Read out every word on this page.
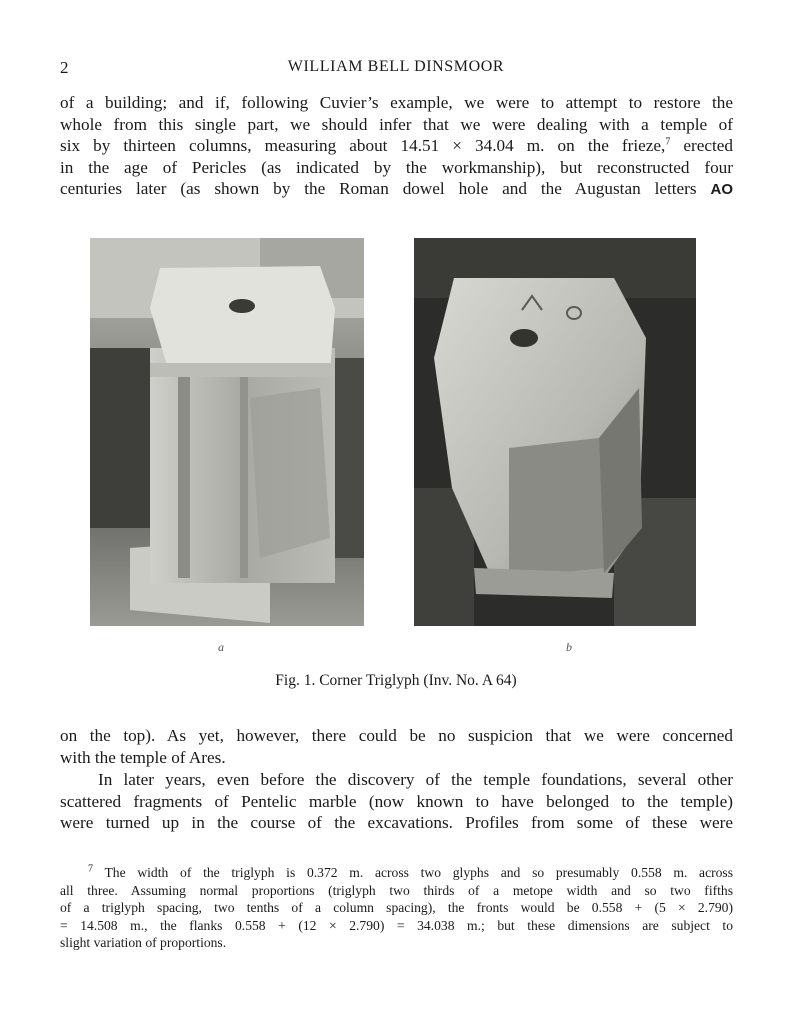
2	WILLIAM BELL DINSMOOR
of a building; and if, following Cuvier’s example, we were to attempt to restore the
whole from this single part, we should infer that we were dealing with a temple of
six by thirteen columns, measuring about 14.51 × 34.04 m. on the frieze,$^7$ erected
in the age of Pericles (as indicated by the workmanship), but reconstructed four
centuries later (as shown by the Roman dowel hole and the Augustan letters AO
a	b
Fig. 1. Corner Triglyph (Inv. No. A 64)
on the top). As yet, however, there could be no suspicion that we were concerned
with the temple of Ares.
In later years, even before the discovery of the temple foundations, several other
scattered fragments of Pentelic marble (now known to have belonged to the temple)
were turned up in the course of the excavations. Profiles from some of these were
$^7$ The width of the triglyph is 0.372 m. across two glyphs and so presumably 0.558 m. across
all three. Assuming normal proportions (triglyph two thirds of a metope width and so two fifths
of a triglyph spacing, two tenths of a column spacing), the fronts would be 0.558 + (5 × 2.790)
= 14.508 m., the flanks 0.558 + (12 × 2.790) = 34.038 m.; but these dimensions are subject to
slight variation of proportions.
